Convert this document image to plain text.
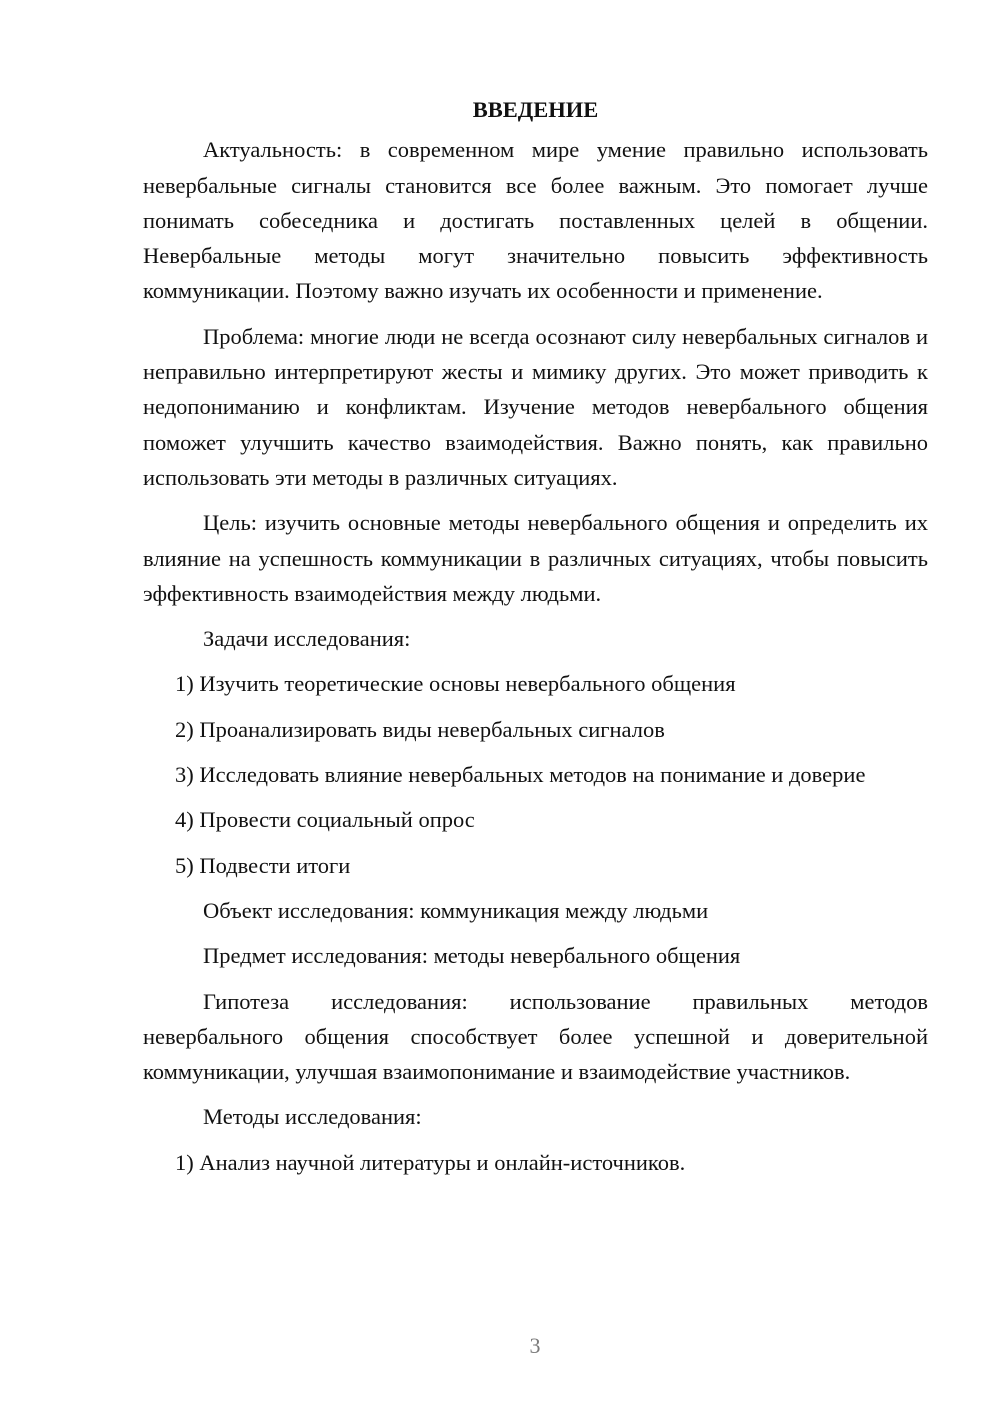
ВВЕДЕНИЕ

Актуальность: в современном мире умение правильно использовать невербальные сигналы становится все более важным. Это помогает лучше понимать собеседника и достигать поставленных целей в общении. Невербальные методы могут значительно повысить эффективность коммуникации. Поэтому важно изучать их особенности и применение.

Проблема: многие люди не всегда осознают силу невербальных сигналов и неправильно интерпретируют жесты и мимику других. Это может приводить к недопониманию и конфликтам. Изучение методов невербального общения поможет улучшить качество взаимодействия. Важно понять, как правильно использовать эти методы в различных ситуациях.

Цель: изучить основные методы невербального общения и определить их влияние на успешность коммуникации в различных ситуациях, чтобы повысить эффективность взаимодействия между людьми.

Задачи исследования:

1) Изучить теоретические основы невербального общения

2) Проанализировать виды невербальных сигналов

3) Исследовать влияние невербальных методов на понимание и доверие

4) Провести социальный опрос

5) Подвести итоги

Объект исследования: коммуникация между людьми

Предмет исследования: методы невербального общения

Гипотеза исследования: использование правильных методов невербального общения способствует более успешной и доверительной коммуникации, улучшая взаимопонимание и взаимодействие участников.

Методы исследования:

1) Анализ научной литературы и онлайн-источников.

3
